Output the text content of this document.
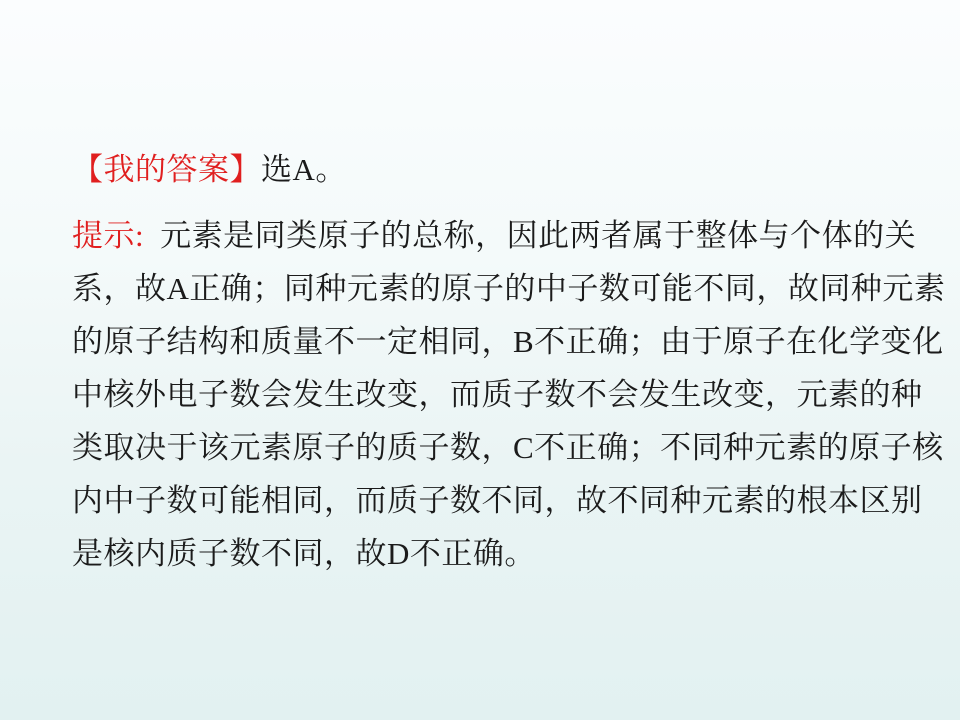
【我的答案】选A。
提示: 元素是同类原子的总称，因此两者属于整体与个体的关
系，故A正确；同种元素的原子的中子数可能不同，故同种元素
的原子结构和质量不一定相同，B不正确；由于原子在化学变化
中核外电子数会发生改变，而质子数不会发生改变，元素的种
类取决于该元素原子的质子数，C不正确；不同种元素的原子核
内中子数可能相同，而质子数不同，故不同种元素的根本区别
是核内质子数不同，故D不正确。
